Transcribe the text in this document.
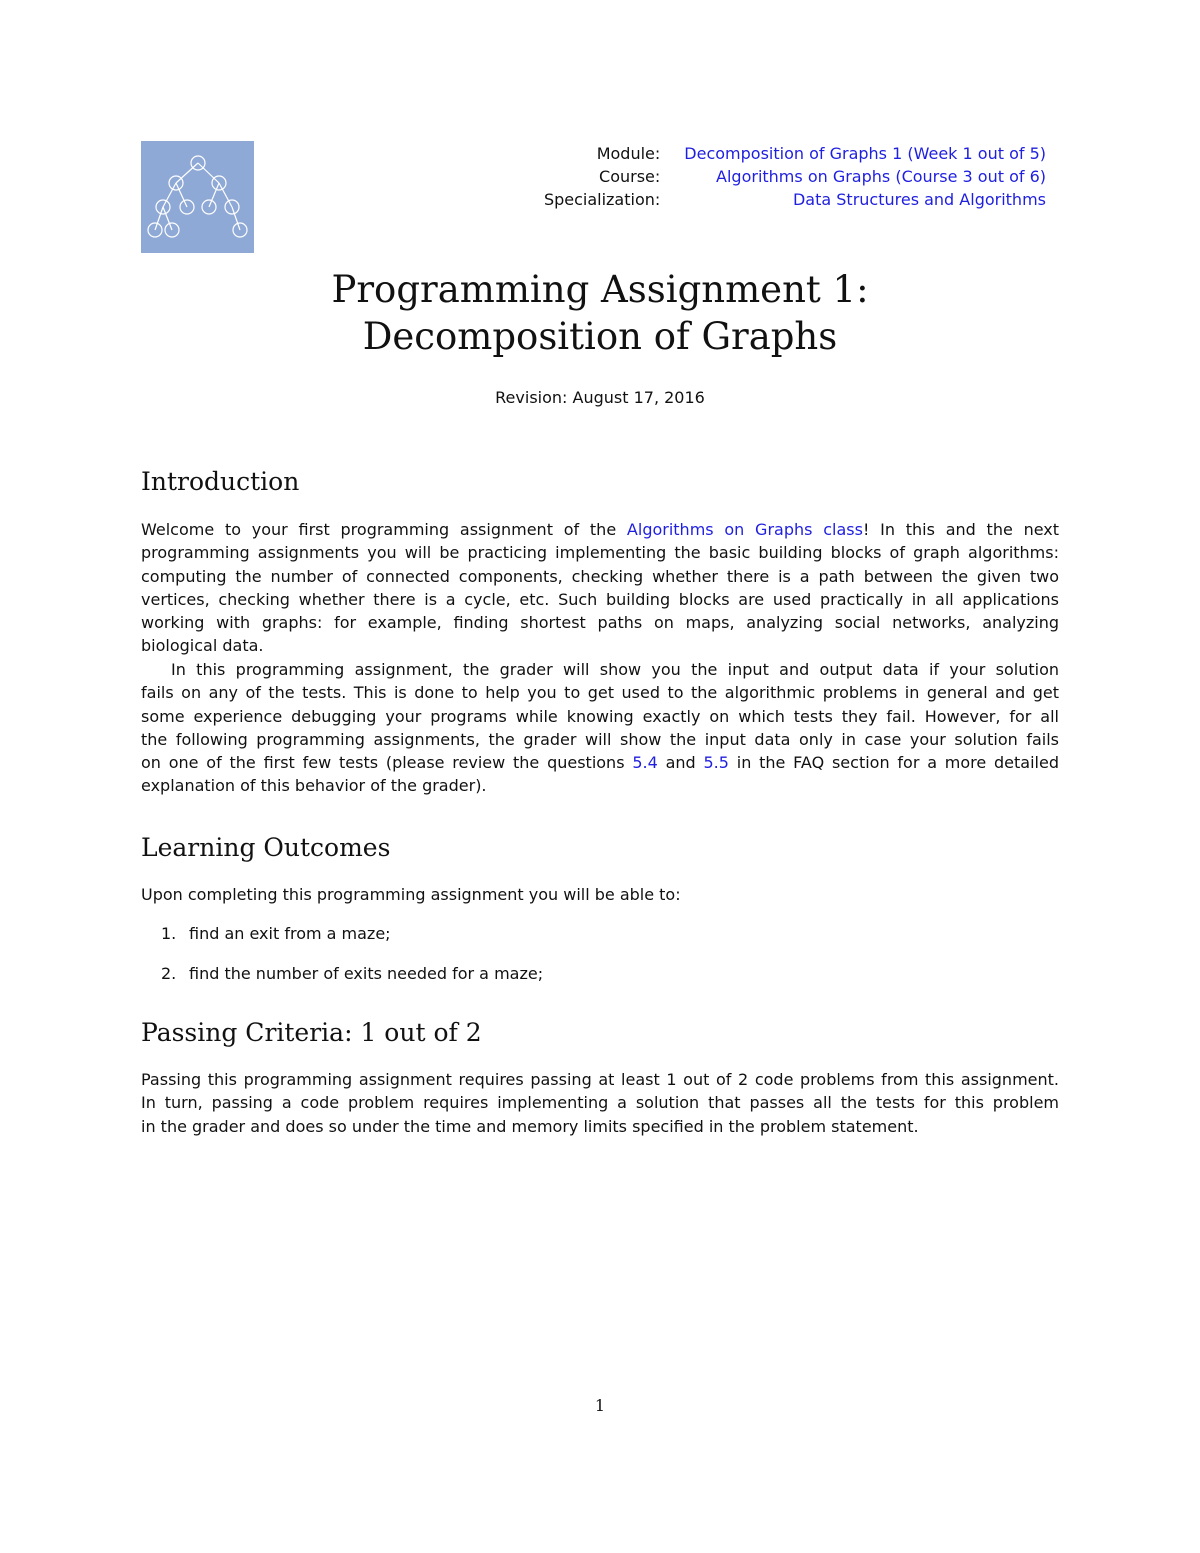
Module:	Decomposition of Graphs 1 (Week 1 out of 5)
Course:	Algorithms on Graphs (Course 3 out of 6)
Specialization:	Data Structures and Algorithms
Programming Assignment 1:
Decomposition of Graphs
Revision: August 17, 2016
Introduction
Welcome to your first programming assignment of the Algorithms on Graphs class! In this and the next
programming assignments you will be practicing implementing the basic building blocks of graph algorithms:
computing the number of connected components, checking whether there is a path between the given two
vertices, checking whether there is a cycle, etc. Such building blocks are used practically in all applications
working with graphs: for example, finding shortest paths on maps, analyzing social networks, analyzing
biological data.
In this programming assignment, the grader will show you the input and output data if your solution
fails on any of the tests. This is done to help you to get used to the algorithmic problems in general and get
some experience debugging your programs while knowing exactly on which tests they fail. However, for all
the following programming assignments, the grader will show the input data only in case your solution fails
on one of the first few tests (please review the questions 5.4 and 5.5 in the FAQ section for a more detailed
explanation of this behavior of the grader).
Learning Outcomes
Upon completing this programming assignment you will be able to:
1. find an exit from a maze;
2. find the number of exits needed for a maze;
Passing Criteria: 1 out of 2
Passing this programming assignment requires passing at least 1 out of 2 code problems from this assignment.
In turn, passing a code problem requires implementing a solution that passes all the tests for this problem
in the grader and does so under the time and memory limits specified in the problem statement.
1
